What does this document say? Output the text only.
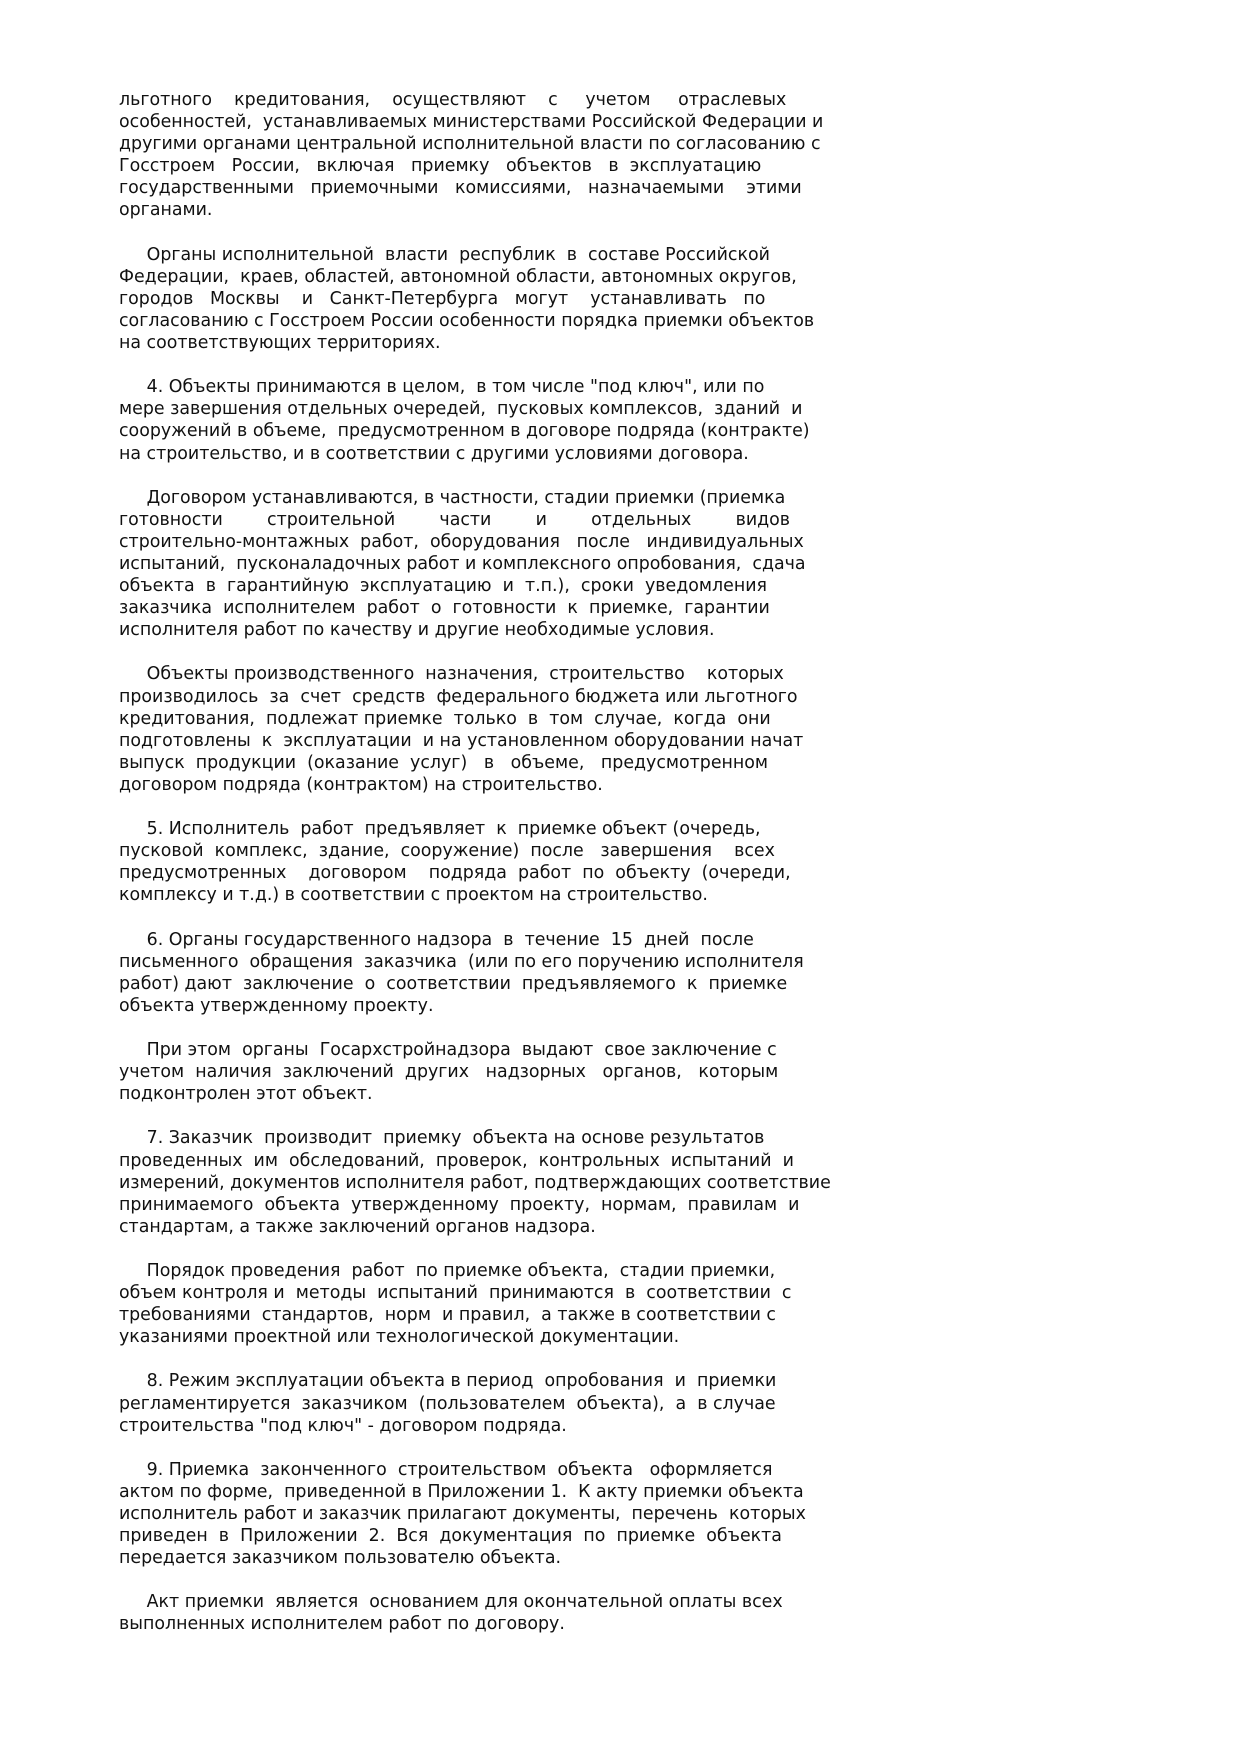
льготного    кредитования,    осуществляют    с     учетом     отраслевых
особенностей,  устанавливаемых министерствами Российской Федерации и
другими органами центральной исполнительной власти по согласованию с
Госстроем   России,   включая   приемку   объектов   в  эксплуатацию
государственными   приемочными   комиссиями,   назначаемыми    этими
органами.

Органы исполнительной  власти  республик  в  составе Российской
Федерации,  краев, областей, автономной области, автономных округов,
городов   Москвы    и   Санкт-Петербурга   могут    устанавливать   по
согласованию с Госстроем России особенности порядка приемки объектов
на соответствующих территориях.

4. Объекты принимаются в целом,  в том числе "под ключ", или по
мере завершения отдельных очередей,  пусковых комплексов,  зданий  и
сооружений в объеме,  предусмотренном в договоре подряда (контракте)
на строительство, и в соответствии с другими условиями договора.

Договором устанавливаются, в частности, стадии приемки (приемка
готовности        строительной        части        и        отдельных        видов
строительно-монтажных  работ,  оборудования   после   индивидуальных
испытаний,  пусконаладочных работ и комплексного опробования,  сдача
объекта  в  гарантийную  эксплуатацию  и  т.п.),  сроки  уведомления
заказчика  исполнителем  работ  о  готовности  к  приемке,  гарантии
исполнителя работ по качеству и другие необходимые условия.

Объекты производственного  назначения,  строительство    которых
производилось  за  счет  средств  федерального бюджета или льготного
кредитования,  подлежат приемке  только  в  том  случае,  когда  они
подготовлены  к  эксплуатации  и на установленном оборудовании начат
выпуск  продукции  (оказание  услуг)   в   объеме,   предусмотренном
договором подряда (контрактом) на строительство.

5. Исполнитель  работ  предъявляет  к  приемке объект (очередь,
пусковой  комплекс,  здание,  сооружение)  после   завершения    всех
предусмотренных    договором    подряда  работ  по  объекту  (очереди,
комплексу и т.д.) в соответствии с проектом на строительство.

6. Органы государственного надзора  в  течение  15  дней  после
письменного  обращения  заказчика  (или по его поручению исполнителя
работ) дают  заключение  о  соответствии  предъявляемого  к  приемке
объекта утвержденному проекту.

При этом  органы  Госархстройнадзора  выдают  свое заключение с
учетом  наличия  заключений  других   надзорных   органов,   которым
подконтролен этот объект.

7. Заказчик  производит  приемку  объекта на основе результатов
проведенных  им  обследований,  проверок,  контрольных  испытаний  и
измерений, документов исполнителя работ, подтверждающих соответствие
принимаемого  объекта  утвержденному  проекту,  нормам,  правилам  и
стандартам, а также заключений органов надзора.

Порядок проведения  работ  по приемке объекта,  стадии приемки,
объем контроля и  методы  испытаний  принимаются  в  соответствии  с
требованиями  стандартов,  норм  и правил,  а также в соответствии с
указаниями проектной или технологической документации.

8. Режим эксплуатации объекта в период  опробования  и  приемки
регламентируется  заказчиком  (пользователем  объекта),  а  в случае
строительства "под ключ" - договором подряда.

9. Приемка  законченного  строительством  объекта   оформляется
актом по форме,  приведенной в Приложении 1.  К акту приемки объекта
исполнитель работ и заказчик прилагают документы,  перечень  которых
приведен  в  Приложении  2.  Вся  документация  по  приемке  объекта
передается заказчиком пользователю объекта.

Акт приемки  является  основанием для окончательной оплаты всех
выполненных исполнителем работ по договору.
